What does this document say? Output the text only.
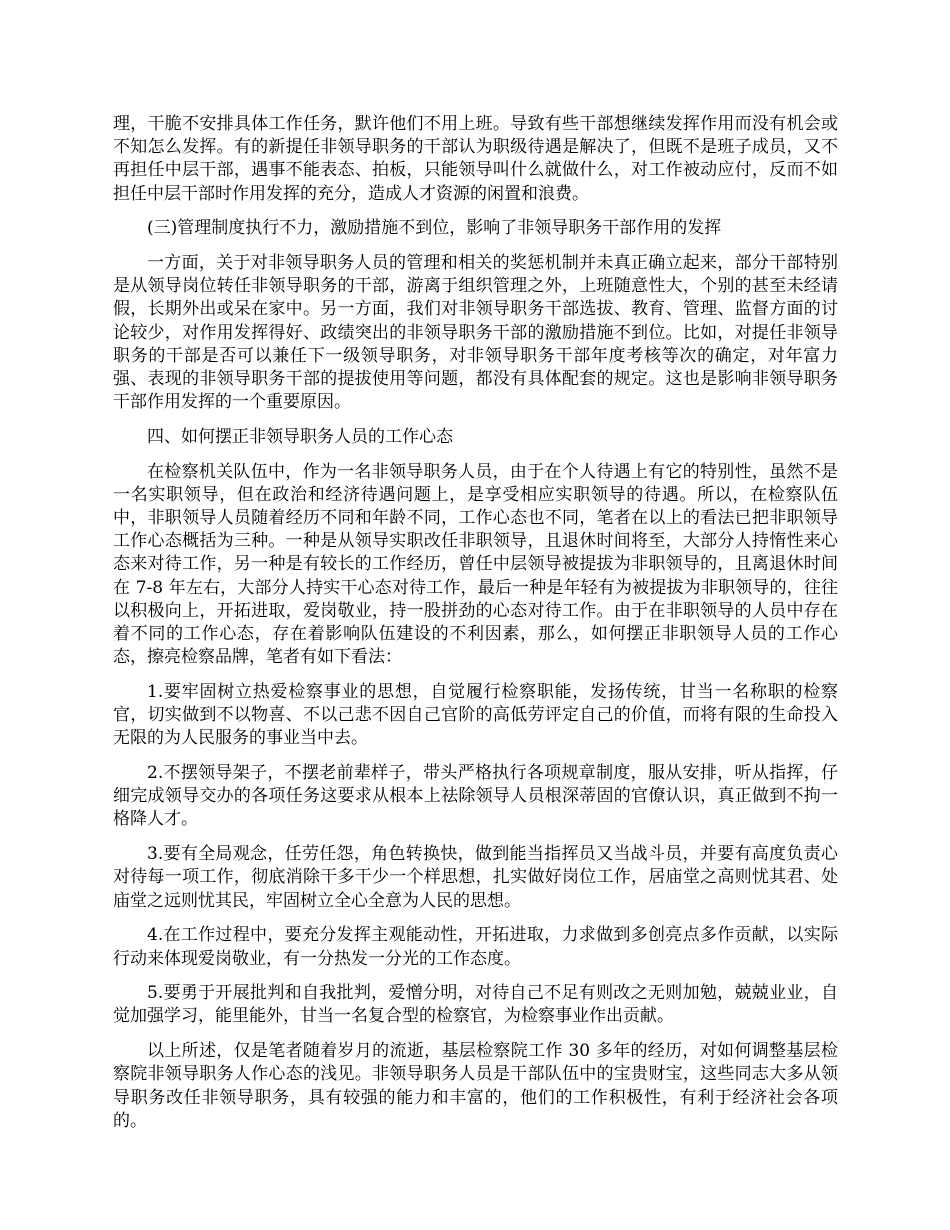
理，干脆不安排具体工作任务，默许他们不用上班。导致有些干部想继续发挥作用而没有机会或不知怎么发挥。有的新提任非领导职务的干部认为职级待遇是解决了，但既不是班子成员，又不再担任中层干部，遇事不能表态、拍板，只能领导叫什么就做什么，对工作被动应付，反而不如担任中层干部时作用发挥的充分，造成人才资源的闲置和浪费。

(三)管理制度执行不力，激励措施不到位，影响了非领导职务干部作用的发挥

一方面，关于对非领导职务人员的管理和相关的奖惩机制并未真正确立起来，部分干部特别是从领导岗位转任非领导职务的干部，游离于组织管理之外，上班随意性大，个别的甚至未经请假，长期外出或呆在家中。另一方面，我们对非领导职务干部选拔、教育、管理、监督方面的讨论较少，对作用发挥得好、政绩突出的非领导职务干部的激励措施不到位。比如，对提任非领导职务的干部是否可以兼任下一级领导职务，对非领导职务干部年度考核等次的确定，对年富力强、表现的非领导职务干部的提拔使用等问题，都没有具体配套的规定。这也是影响非领导职务干部作用发挥的一个重要原因。

四、如何摆正非领导职务人员的工作心态

在检察机关队伍中，作为一名非领导职务人员，由于在个人待遇上有它的特别性，虽然不是一名实职领导，但在政治和经济待遇问题上，是享受相应实职领导的待遇。所以，在检察队伍中，非职领导人员随着经历不同和年龄不同，工作心态也不同，笔者在以上的看法已把非职领导工作心态概括为三种。一种是从领导实职改任非职领导，且退休时间将至，大部分人持惰性来心态来对待工作，另一种是有较长的工作经历，曾任中层领导被提拔为非职领导的，且离退休时间在 7-8 年左右，大部分人持实干心态对待工作，最后一种是年轻有为被提拔为非职领导的，往往以积极向上，开拓进取，爱岗敬业，持一股拼劲的心态对待工作。由于在非职领导的人员中存在着不同的工作心态，存在着影响队伍建设的不利因素，那么，如何摆正非职领导人员的工作心态，擦亮检察品牌，笔者有如下看法：

1.要牢固树立热爱检察事业的思想，自觉履行检察职能，发扬传统，甘当一名称职的检察官，切实做到不以物喜、不以己悲不因自己官阶的高低劳评定自己的价值，而将有限的生命投入无限的为人民服务的事业当中去。

2.不摆领导架子，不摆老前辈样子，带头严格执行各项规章制度，服从安排，听从指挥，仔细完成领导交办的各项任务这要求从根本上祛除领导人员根深蒂固的官僚认识，真正做到不拘一格降人才。

3.要有全局观念，任劳任怨，角色转换快，做到能当指挥员又当战斗员，并要有高度负责心对待每一项工作，彻底消除干多干少一个样思想，扎实做好岗位工作，居庙堂之高则忧其君、处庙堂之远则忧其民，牢固树立全心全意为人民的思想。

4.在工作过程中，要充分发挥主观能动性，开拓进取，力求做到多创亮点多作贡献，以实际行动来体现爱岗敬业，有一分热发一分光的工作态度。

5.要勇于开展批判和自我批判，爱憎分明，对待自己不足有则改之无则加勉，兢兢业业，自觉加强学习，能里能外，甘当一名复合型的检察官，为检察事业作出贡献。

以上所述，仅是笔者随着岁月的流逝，基层检察院工作 30 多年的经历，对如何调整基层检察院非领导职务人作心态的浅见。非领导职务人员是干部队伍中的宝贵财宝，这些同志大多从领导职务改任非领导职务，具有较强的能力和丰富的，他们的工作积极性，有利于经济社会各项的。
